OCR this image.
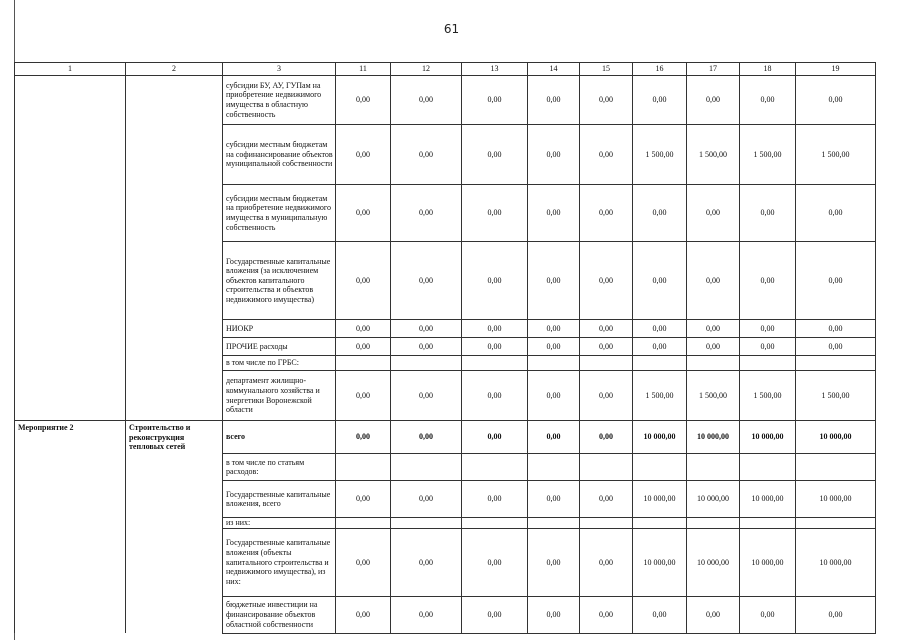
61
1	2	3	11	12	13	14	15	16	17	18	19
		субсидии БУ, АУ, ГУПам на приобретение недвижимого имущества в областную собственность	0,00	0,00	0,00	0,00	0,00	0,00	0,00	0,00	0,00
		субсидии местным бюджетам на софинансирование объектов муниципальной собственности	0,00	0,00	0,00	0,00	0,00	1 500,00	1 500,00	1 500,00	1 500,00
		субсидии местным бюджетам на приобретение недвижимого имущества в муниципальную собственность	0,00	0,00	0,00	0,00	0,00	0,00	0,00	0,00	0,00
		Государственные капитальные вложения (за исключением объектов капитального строительства и объектов недвижимого имущества)	0,00	0,00	0,00	0,00	0,00	0,00	0,00	0,00	0,00
		НИОКР	0,00	0,00	0,00	0,00	0,00	0,00	0,00	0,00	0,00
		ПРОЧИЕ расходы	0,00	0,00	0,00	0,00	0,00	0,00	0,00	0,00	0,00
		в том числе по ГРБС:									
		департамент жилищно-коммунального хозяйства и энергетики Воронежской области	0,00	0,00	0,00	0,00	0,00	1 500,00	1 500,00	1 500,00	1 500,00
Мероприятие 2	Строительство и реконструкция тепловых сетей	всего	0,00	0,00	0,00	0,00	0,00	10 000,00	10 000,00	10 000,00	10 000,00
		в том числе по статьям расходов:									
		Государственные капитальные вложения, всего	0,00	0,00	0,00	0,00	0,00	10 000,00	10 000,00	10 000,00	10 000,00
		из них:									
		Государственные капитальные вложения (объекты капитального строительства и недвижимого имущества), из них:	0,00	0,00	0,00	0,00	0,00	10 000,00	10 000,00	10 000,00	10 000,00
		бюджетные инвестиции на финансирование объектов областной собственности	0,00	0,00	0,00	0,00	0,00	0,00	0,00	0,00	0,00
